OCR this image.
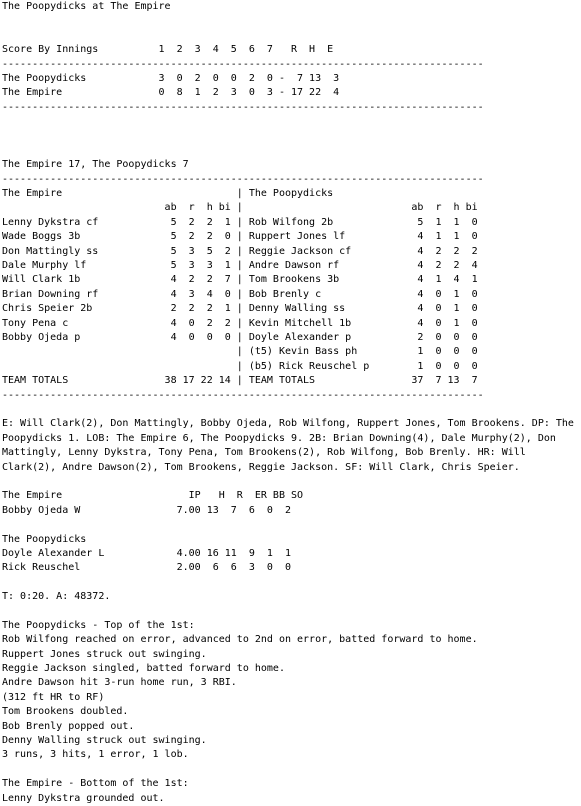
The Poopydicks at The Empire
Score By Innings          1  2  3  4  5  6  7   R  H  E
--------------------------------------------------------------------------------
The Poopydicks            3  0  2  0  0  2  0 -  7 13  3
The Empire                0  8  1  2  3  0  3 - 17 22  4
--------------------------------------------------------------------------------
The Empire 17, The Poopydicks 7
--------------------------------------------------------------------------------
The Empire                             | The Poopydicks
ab  r  h bi |                            ab  r  h bi
Lenny Dykstra cf            5  2  2  1 | Rob Wilfong 2b              5  1  1  0
Wade Boggs 3b               5  2  2  0 | Ruppert Jones lf            4  1  1  0
Don Mattingly ss            5  3  5  2 | Reggie Jackson cf           4  2  2  2
Dale Murphy lf              5  3  3  1 | Andre Dawson rf             4  2  2  4
Will Clark 1b               4  2  2  7 | Tom Brookens 3b             4  1  4  1
Brian Downing rf            4  3  4  0 | Bob Brenly c                4  0  1  0
Chris Speier 2b             2  2  2  1 | Denny Walling ss            4  0  1  0
Tony Pena c                 4  0  2  2 | Kevin Mitchell 1b           4  0  1  0
Bobby Ojeda p               4  0  0  0 | Doyle Alexander p           2  0  0  0
| (t5) Kevin Bass ph          1  0  0  0
| (b5) Rick Reuschel p        1  0  0  0
TEAM TOTALS                38 17 22 14 | TEAM TOTALS                37  7 13  7
--------------------------------------------------------------------------------
E: Will Clark(2), Don Mattingly, Bobby Ojeda, Rob Wilfong, Ruppert Jones, Tom Brookens. DP: The Poopydicks 1. LOB: The Empire 6, The Poopydicks 9. 2B: Brian Downing(4), Dale Murphy(2), Don Mattingly, Lenny Dykstra, Tony Pena, Tom Brookens(2), Rob Wilfong, Bob Brenly. HR: Will Clark(2), Andre Dawson(2), Tom Brookens, Reggie Jackson. SF: Will Clark, Chris Speier.
The Empire                     IP   H  R  ER BB SO
Bobby Ojeda W                7.00 13  7  6  0  2
The Poopydicks
Doyle Alexander L            4.00 16 11  9  1  1
Rick Reuschel                2.00  6  6  3  0  0
T: 0:20. A: 48372.
The Poopydicks - Top of the 1st:
Rob Wilfong reached on error, advanced to 2nd on error, batted forward to home.
Ruppert Jones struck out swinging.
Reggie Jackson singled, batted forward to home.
Andre Dawson hit 3-run home run, 3 RBI.
(312 ft HR to RF)
Tom Brookens doubled.
Bob Brenly popped out.
Denny Walling struck out swinging.
3 runs, 3 hits, 1 error, 1 lob.
The Empire - Bottom of the 1st:
Lenny Dykstra grounded out.
